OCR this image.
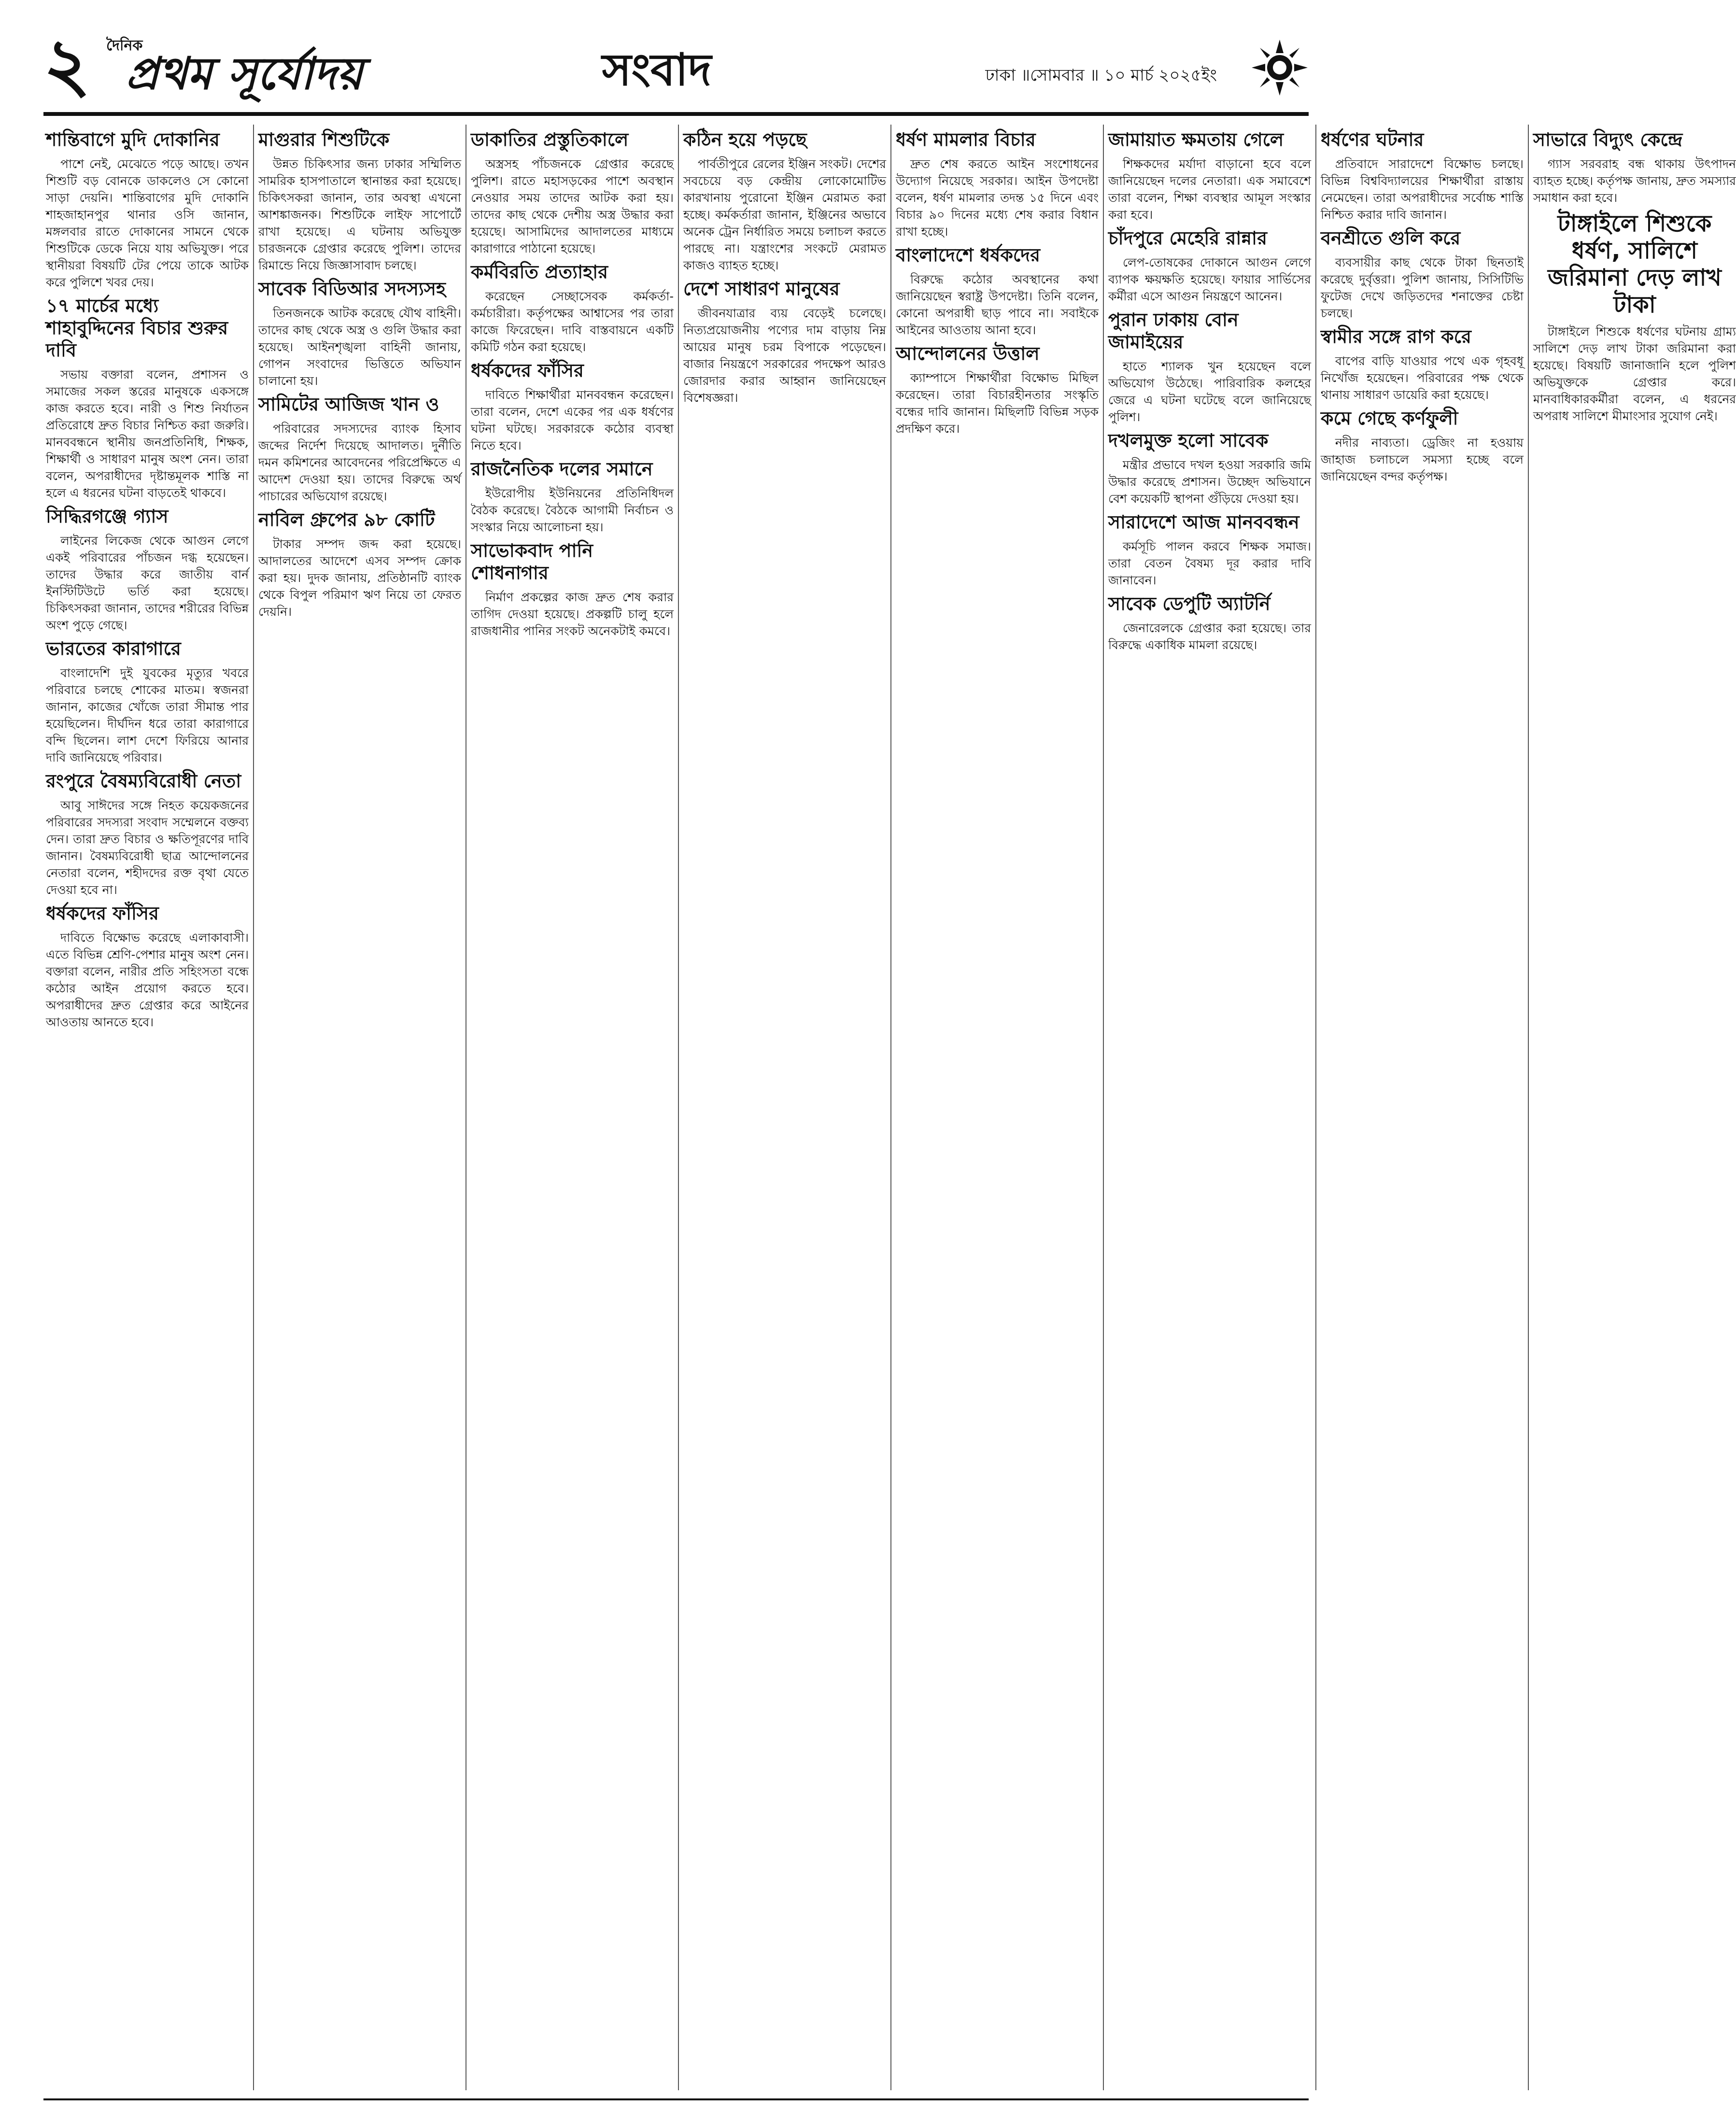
২	দৈনিক
প্রথম সূর্যোদয়	সংবাদ	ঢাকা ॥সোমবার ॥ ১০ মার্চ ২০২৫ইং
শান্তিবাগে মুদি দোকানির

পাশে নেই, মেঝেতে পড়ে আছে। তখন শিশুটি বড় বোনকে ডাকলেও সে কোনো সাড়া দেয়নি। শান্তিবাগের মুদি দোকানি শাহজাহানপুর থানার ওসি জানান, মঙ্গলবার রাতে দোকানের সামনে থেকে শিশুটিকে ডেকে নিয়ে যায় অভিযুক্ত। পরে স্থানীয়রা বিষয়টি টের পেয়ে তাকে আটক করে পুলিশে খবর দেয়।

১৭ মার্চের মধ্যে শাহাবুদ্দিনের বিচার শুরুর দাবি

সভায় বক্তারা বলেন, প্রশাসন ও সমাজের সকল স্তরের মানুষকে একসঙ্গে কাজ করতে হবে। নারী ও শিশু নির্যাতন প্রতিরোধে দ্রুত বিচার নিশ্চিত করা জরুরি। মানববন্ধনে স্থানীয় জনপ্রতিনিধি, শিক্ষক, শিক্ষার্থী ও সাধারণ মানুষ অংশ নেন। তারা বলেন, অপরাধীদের দৃষ্টান্তমূলক শাস্তি না হলে এ ধরনের ঘটনা বাড়তেই থাকবে।

সিদ্ধিরগঞ্জে গ্যাস

লাইনের লিকেজ থেকে আগুন লেগে একই পরিবারের পাঁচজন দগ্ধ হয়েছেন। তাদের উদ্ধার করে জাতীয় বার্ন ইনস্টিটিউটে ভর্তি করা হয়েছে। চিকিৎসকরা জানান, তাদের শরীরের বিভিন্ন অংশ পুড়ে গেছে।

ভারতের কারাগারে

বাংলাদেশি দুই যুবকের মৃত্যুর খবরে পরিবারে চলছে শোকের মাতম। স্বজনরা জানান, কাজের খোঁজে তারা সীমান্ত পার হয়েছিলেন। দীর্ঘদিন ধরে তারা কারাগারে বন্দি ছিলেন। লাশ দেশে ফিরিয়ে আনার দাবি জানিয়েছে পরিবার।

রংপুরে বৈষম্যবিরোধী নেতা

আবু সাঈদের সঙ্গে নিহত কয়েকজনের পরিবারের সদস্যরা সংবাদ সম্মেলনে বক্তব্য দেন। তারা দ্রুত বিচার ও ক্ষতিপূরণের দাবি জানান। বৈষম্যবিরোধী ছাত্র আন্দোলনের নেতারা বলেন, শহীদদের রক্ত বৃথা যেতে দেওয়া হবে না।

ধর্ষকদের ফাঁসির

দাবিতে বিক্ষোভ করেছে এলাকাবাসী। এতে বিভিন্ন শ্রেণি-পেশার মানুষ অংশ নেন। বক্তারা বলেন, নারীর প্রতি সহিংসতা বন্ধে কঠোর আইন প্রয়োগ করতে হবে। অপরাধীদের দ্রুত গ্রেপ্তার করে আইনের আওতায় আনতে হবে।

মাগুরার শিশুটিকে

উন্নত চিকিৎসার জন্য ঢাকার সম্মিলিত সামরিক হাসপাতালে স্থানান্তর করা হয়েছে। চিকিৎসকরা জানান, তার অবস্থা এখনো আশঙ্কাজনক। শিশুটিকে লাইফ সাপোর্টে রাখা হয়েছে। এ ঘটনায় অভিযুক্ত চারজনকে গ্রেপ্তার করেছে পুলিশ। তাদের রিমান্ডে নিয়ে জিজ্ঞাসাবাদ চলছে।

সাবেক বিডিআর সদস্যসহ

তিনজনকে আটক করেছে যৌথ বাহিনী। তাদের কাছ থেকে অস্ত্র ও গুলি উদ্ধার করা হয়েছে। আইনশৃঙ্খলা বাহিনী জানায়, গোপন সংবাদের ভিত্তিতে অভিযান চালানো হয়।

সামিটের আজিজ খান ও

পরিবারের সদস্যদের ব্যাংক হিসাব জব্দের নির্দেশ দিয়েছে আদালত। দুর্নীতি দমন কমিশনের আবেদনের পরিপ্রেক্ষিতে এ আদেশ দেওয়া হয়। তাদের বিরুদ্ধে অর্থ পাচারের অভিযোগ রয়েছে।

নাবিল গ্রুপের ৯৮ কোটি

টাকার সম্পদ জব্দ করা হয়েছে। আদালতের আদেশে এসব সম্পদ ক্রোক করা হয়। দুদক জানায়, প্রতিষ্ঠানটি ব্যাংক থেকে বিপুল পরিমাণ ঋণ নিয়ে তা ফেরত দেয়নি।

ডাকাতির প্রস্তুতিকালে

অস্ত্রসহ পাঁচজনকে গ্রেপ্তার করেছে পুলিশ। রাতে মহাসড়কের পাশে অবস্থান নেওয়ার সময় তাদের আটক করা হয়। তাদের কাছ থেকে দেশীয় অস্ত্র উদ্ধার করা হয়েছে। আসামিদের আদালতের মাধ্যমে কারাগারে পাঠানো হয়েছে।

কর্মবিরতি প্রত্যাহার

করেছেন সেচ্ছাসেবক কর্মকর্তা-কর্মচারীরা। কর্তৃপক্ষের আশ্বাসের পর তারা কাজে ফিরেছেন। দাবি বাস্তবায়নে একটি কমিটি গঠন করা হয়েছে।

ধর্ষকদের ফাঁসির

দাবিতে শিক্ষার্থীরা মানববন্ধন করেছেন। তারা বলেন, দেশে একের পর এক ধর্ষণের ঘটনা ঘটছে। সরকারকে কঠোর ব্যবস্থা নিতে হবে।

রাজনৈতিক দলের সমানে

ইউরোপীয় ইউনিয়নের প্রতিনিধিদল বৈঠক করেছে। বৈঠকে আগামী নির্বাচন ও সংস্কার নিয়ে আলোচনা হয়।

সাভোকবাদ পানি শোধনাগার

নির্মাণ প্রকল্পের কাজ দ্রুত শেষ করার তাগিদ দেওয়া হয়েছে। প্রকল্পটি চালু হলে রাজধানীর পানির সংকট অনেকটাই কমবে।

কঠিন হয়ে পড়ছে

পার্বতীপুরে রেলের ইঞ্জিন সংকট। দেশের সবচেয়ে বড় কেন্দ্রীয় লোকোমোটিভ কারখানায় পুরোনো ইঞ্জিন মেরামত করা হচ্ছে। কর্মকর্তারা জানান, ইঞ্জিনের অভাবে অনেক ট্রেন নির্ধারিত সময়ে চলাচল করতে পারছে না। যন্ত্রাংশের সংকটে মেরামত কাজও ব্যাহত হচ্ছে।

দেশে সাধারণ মানুষের

জীবনযাত্রার ব্যয় বেড়েই চলেছে। নিত্যপ্রয়োজনীয় পণ্যের দাম বাড়ায় নিম্ন আয়ের মানুষ চরম বিপাকে পড়েছেন। বাজার নিয়ন্ত্রণে সরকারের পদক্ষেপ আরও জোরদার করার আহ্বান জানিয়েছেন বিশেষজ্ঞরা।

ধর্ষণ মামলার বিচার

দ্রুত শেষ করতে আইন সংশোধনের উদ্যোগ নিয়েছে সরকার। আইন উপদেষ্টা বলেন, ধর্ষণ মামলার তদন্ত ১৫ দিনে এবং বিচার ৯০ দিনের মধ্যে শেষ করার বিধান রাখা হচ্ছে।

বাংলাদেশে ধর্ষকদের

বিরুদ্ধে কঠোর অবস্থানের কথা জানিয়েছেন স্বরাষ্ট্র উপদেষ্টা। তিনি বলেন, কোনো অপরাধী ছাড় পাবে না। সবাইকে আইনের আওতায় আনা হবে।

আন্দোলনের উত্তাল

ক্যাম্পাসে শিক্ষার্থীরা বিক্ষোভ মিছিল করেছেন। তারা বিচারহীনতার সংস্কৃতি বন্ধের দাবি জানান। মিছিলটি বিভিন্ন সড়ক প্রদক্ষিণ করে।

জামায়াত ক্ষমতায় গেলে

শিক্ষকদের মর্যাদা বাড়ানো হবে বলে জানিয়েছেন দলের নেতারা। এক সমাবেশে তারা বলেন, শিক্ষা ব্যবস্থার আমূল সংস্কার করা হবে।

চাঁদপুরে মেহেরি রান্নার

লেপ-তোষকের দোকানে আগুন লেগে ব্যাপক ক্ষয়ক্ষতি হয়েছে। ফায়ার সার্ভিসের কর্মীরা এসে আগুন নিয়ন্ত্রণে আনেন।

পুরান ঢাকায় বোন জামাইয়ের

হাতে শ্যালক খুন হয়েছেন বলে অভিযোগ উঠেছে। পারিবারিক কলহের জেরে এ ঘটনা ঘটেছে বলে জানিয়েছে পুলিশ।

দখলমুক্ত হলো সাবেক

মন্ত্রীর প্রভাবে দখল হওয়া সরকারি জমি উদ্ধার করেছে প্রশাসন। উচ্ছেদ অভিযানে বেশ কয়েকটি স্থাপনা গুঁড়িয়ে দেওয়া হয়।

সারাদেশে আজ মানববন্ধন

কর্মসূচি পালন করবে শিক্ষক সমাজ। তারা বেতন বৈষম্য দূর করার দাবি জানাবেন।

সাবেক ডেপুটি অ্যাটর্নি

জেনারেলকে গ্রেপ্তার করা হয়েছে। তার বিরুদ্ধে একাধিক মামলা রয়েছে।

ধর্ষণের ঘটনার

প্রতিবাদে সারাদেশে বিক্ষোভ চলছে। বিভিন্ন বিশ্ববিদ্যালয়ের শিক্ষার্থীরা রাস্তায় নেমেছেন। তারা অপরাধীদের সর্বোচ্চ শাস্তি নিশ্চিত করার দাবি জানান।

বনশ্রীতে গুলি করে

ব্যবসায়ীর কাছ থেকে টাকা ছিনতাই করেছে দুর্বৃত্তরা। পুলিশ জানায়, সিসিটিভি ফুটেজ দেখে জড়িতদের শনাক্তের চেষ্টা চলছে।

স্বামীর সঙ্গে রাগ করে

বাপের বাড়ি যাওয়ার পথে এক গৃহবধূ নিখোঁজ হয়েছেন। পরিবারের পক্ষ থেকে থানায় সাধারণ ডায়েরি করা হয়েছে।

কমে গেছে কর্ণফুলী

নদীর নাব্যতা। ড্রেজিং না হওয়ায় জাহাজ চলাচলে সমস্যা হচ্ছে বলে জানিয়েছেন বন্দর কর্তৃপক্ষ।

সাভারে বিদ্যুৎ কেন্দ্রে

গ্যাস সরবরাহ বন্ধ থাকায় উৎপাদন ব্যাহত হচ্ছে। কর্তৃপক্ষ জানায়, দ্রুত সমস্যার সমাধান করা হবে।

টাঙ্গাইলে শিশুকে ধর্ষণ, সালিশে জরিমানা দেড় লাখ টাকা

টাঙ্গাইলে শিশুকে ধর্ষণের ঘটনায় গ্রাম্য সালিশে দেড় লাখ টাকা জরিমানা করা হয়েছে। বিষয়টি জানাজানি হলে পুলিশ অভিযুক্তকে গ্রেপ্তার করে। মানবাধিকারকর্মীরা বলেন, এ ধরনের অপরাধ সালিশে মীমাংসার সুযোগ নেই।
